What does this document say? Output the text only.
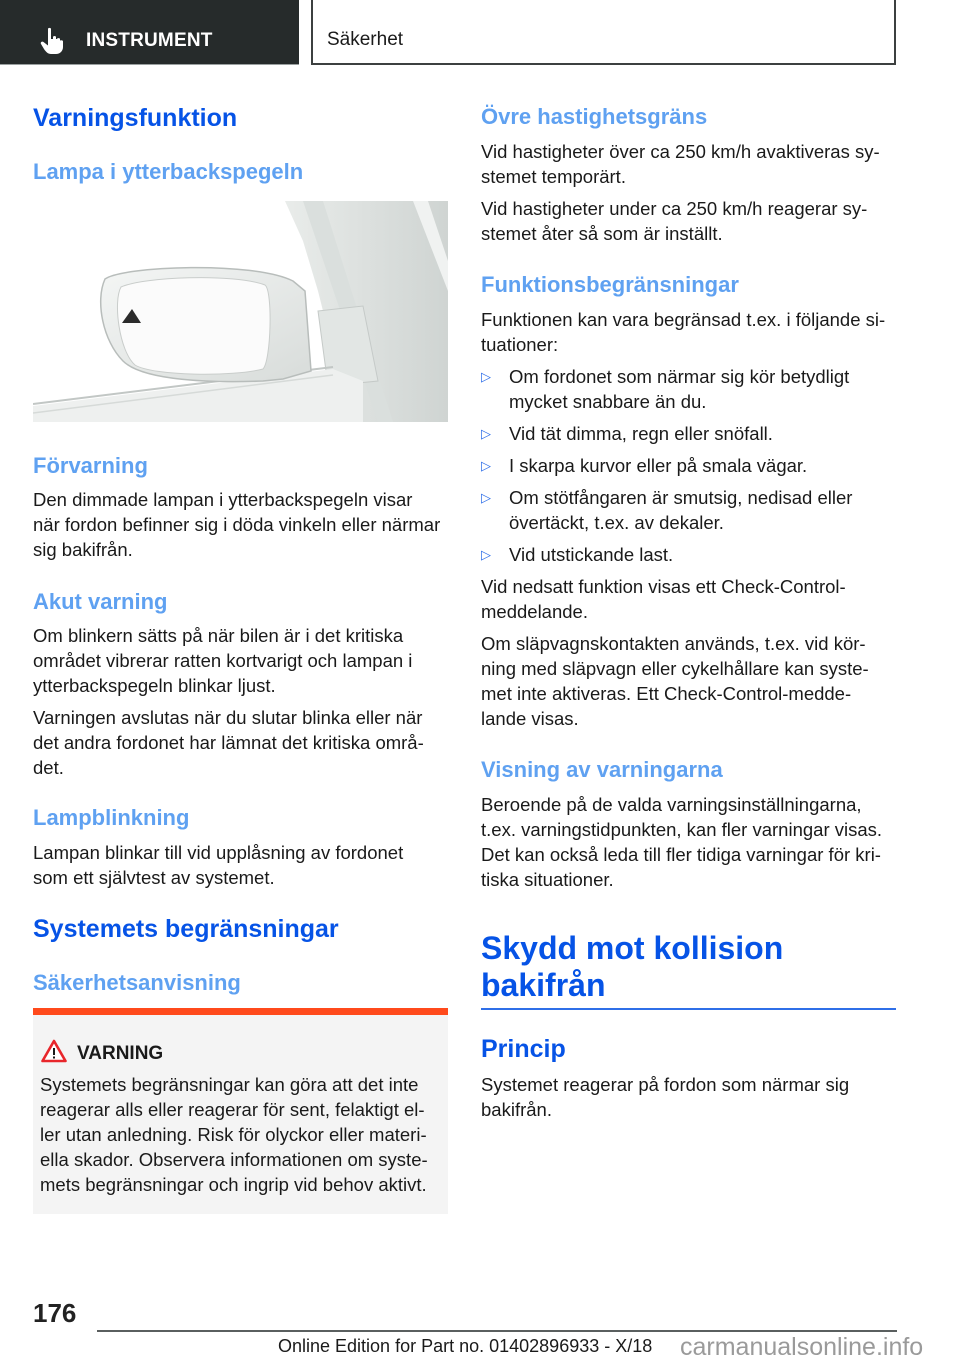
INSTRUMENT	Säkerhet
Varningsfunktion
Lampa i ytterbackspegeln
Förvarning
Den dimmade lampan i ytterbackspegeln visar
när fordon befinner sig i döda vinkeln eller närmar
sig bakifrån.
Akut varning
Om blinkern sätts på när bilen är i det kritiska
området vibrerar ratten kortvarigt och lampan i
ytterbackspegeln blinkar ljust.
Varningen avslutas när du slutar blinka eller när
det andra fordonet har lämnat det kritiska områ-
det.
Lampblinkning
Lampan blinkar till vid upplåsning av fordonet
som ett självtest av systemet.
Systemets begränsningar
Säkerhetsanvisning
VARNING
Systemets begränsningar kan göra att det inte
reagerar alls eller reagerar för sent, felaktigt el-
ler utan anledning. Risk för olyckor eller materi-
ella skador. Observera informationen om syste-
mets begränsningar och ingrip vid behov aktivt.
Övre hastighetsgräns
Vid hastigheter över ca 250 km/h avaktiveras sy-
stemet temporärt.
Vid hastigheter under ca 250 km/h reagerar sy-
stemet åter så som är inställt.
Funktionsbegränsningar
Funktionen kan vara begränsad t.ex. i följande si-
tuationer:
▷ Om fordonet som närmar sig kör betydligt
mycket snabbare än du.
▷ Vid tät dimma, regn eller snöfall.
▷ I skarpa kurvor eller på smala vägar.
▷ Om stötfångaren är smutsig, nedisad eller
övertäckt, t.ex. av dekaler.
▷ Vid utstickande last.
Vid nedsatt funktion visas ett Check-Control-
meddelande.
Om släpvagnskontakten används, t.ex. vid kör-
ning med släpvagn eller cykelhållare kan syste-
met inte aktiveras. Ett Check-Control-medde-
lande visas.
Visning av varningarna
Beroende på de valda varningsinställningarna,
t.ex. varningstidpunkten, kan fler varningar visas.
Det kan också leda till fler tidiga varningar för kri-
tiska situationer.
Skydd mot kollision
bakifrån
Princip
Systemet reagerar på fordon som närmar sig
bakifrån.
176
Online Edition for Part no. 01402896933 - X/18 carmanualsonline.info
